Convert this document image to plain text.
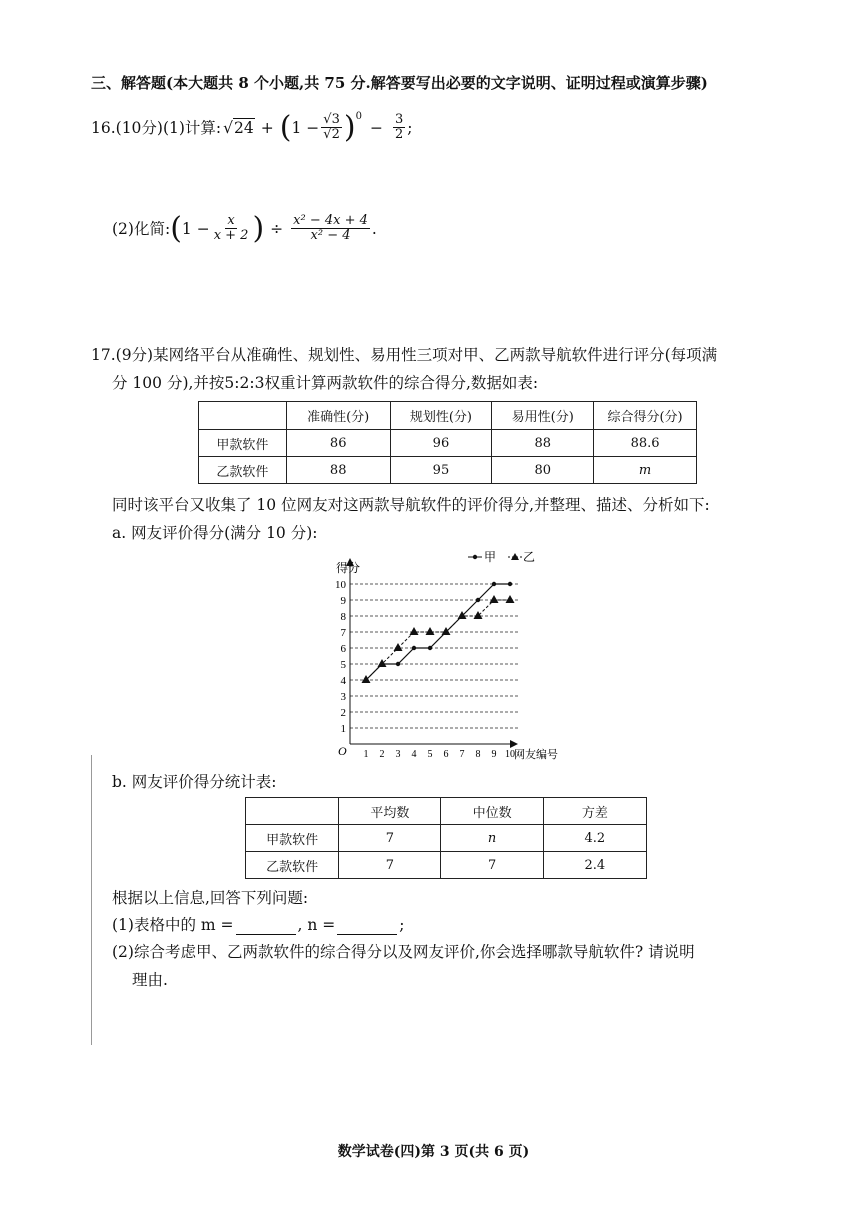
三、解答题(本大题共 8 个小题,共 75 分.解答要写出必要的文字说明、证明过程或演算步骤)
16.(10分)(1)计算: √24 + ( $1 - \frac{√3}{√2}$ ) 0
− $\frac{3}{2}$ ;
(2)化简: ( $1 - \frac{x}{x + 2}$ ) ÷ $\frac{\text{x² − 4x + 4}}{\text{x² − 4}}$ .
17.(9分)某网络平台从准确性、规划性、易用性三项对甲、乙两款导航软件进行评分(每项满
分 100 分),并按5:2:3权重计算两款软件的综合得分,数据如表:
	准确性(分)	规划性(分)	易用性(分)	综合得分(分)
甲款软件	86	96	88	88.6
乙款软件	88	95	80	m
同时该平台又收集了 10 位网友对这两款导航软件的评价得分,并整理、描述、分析如下:
a. 网友评价得分(满分 10 分):
得分
网友编号
O
1
2
3
4
5
6
7
8
9
10
1 2 3 4 5 6 7 8 9 10
甲 乙
b. 网友评价得分统计表:
	平均数	中位数	方差
甲款软件	7	n	4.2
乙款软件	7	7	2.4
根据以上信息,回答下列问题:
(1)表格中的 m =	, n =	;
(2)综合考虑甲、乙两款软件的综合得分以及网友评价,你会选择哪款导航软件? 请说明
理由.
数学试卷(四)第 3 页(共 6 页)
